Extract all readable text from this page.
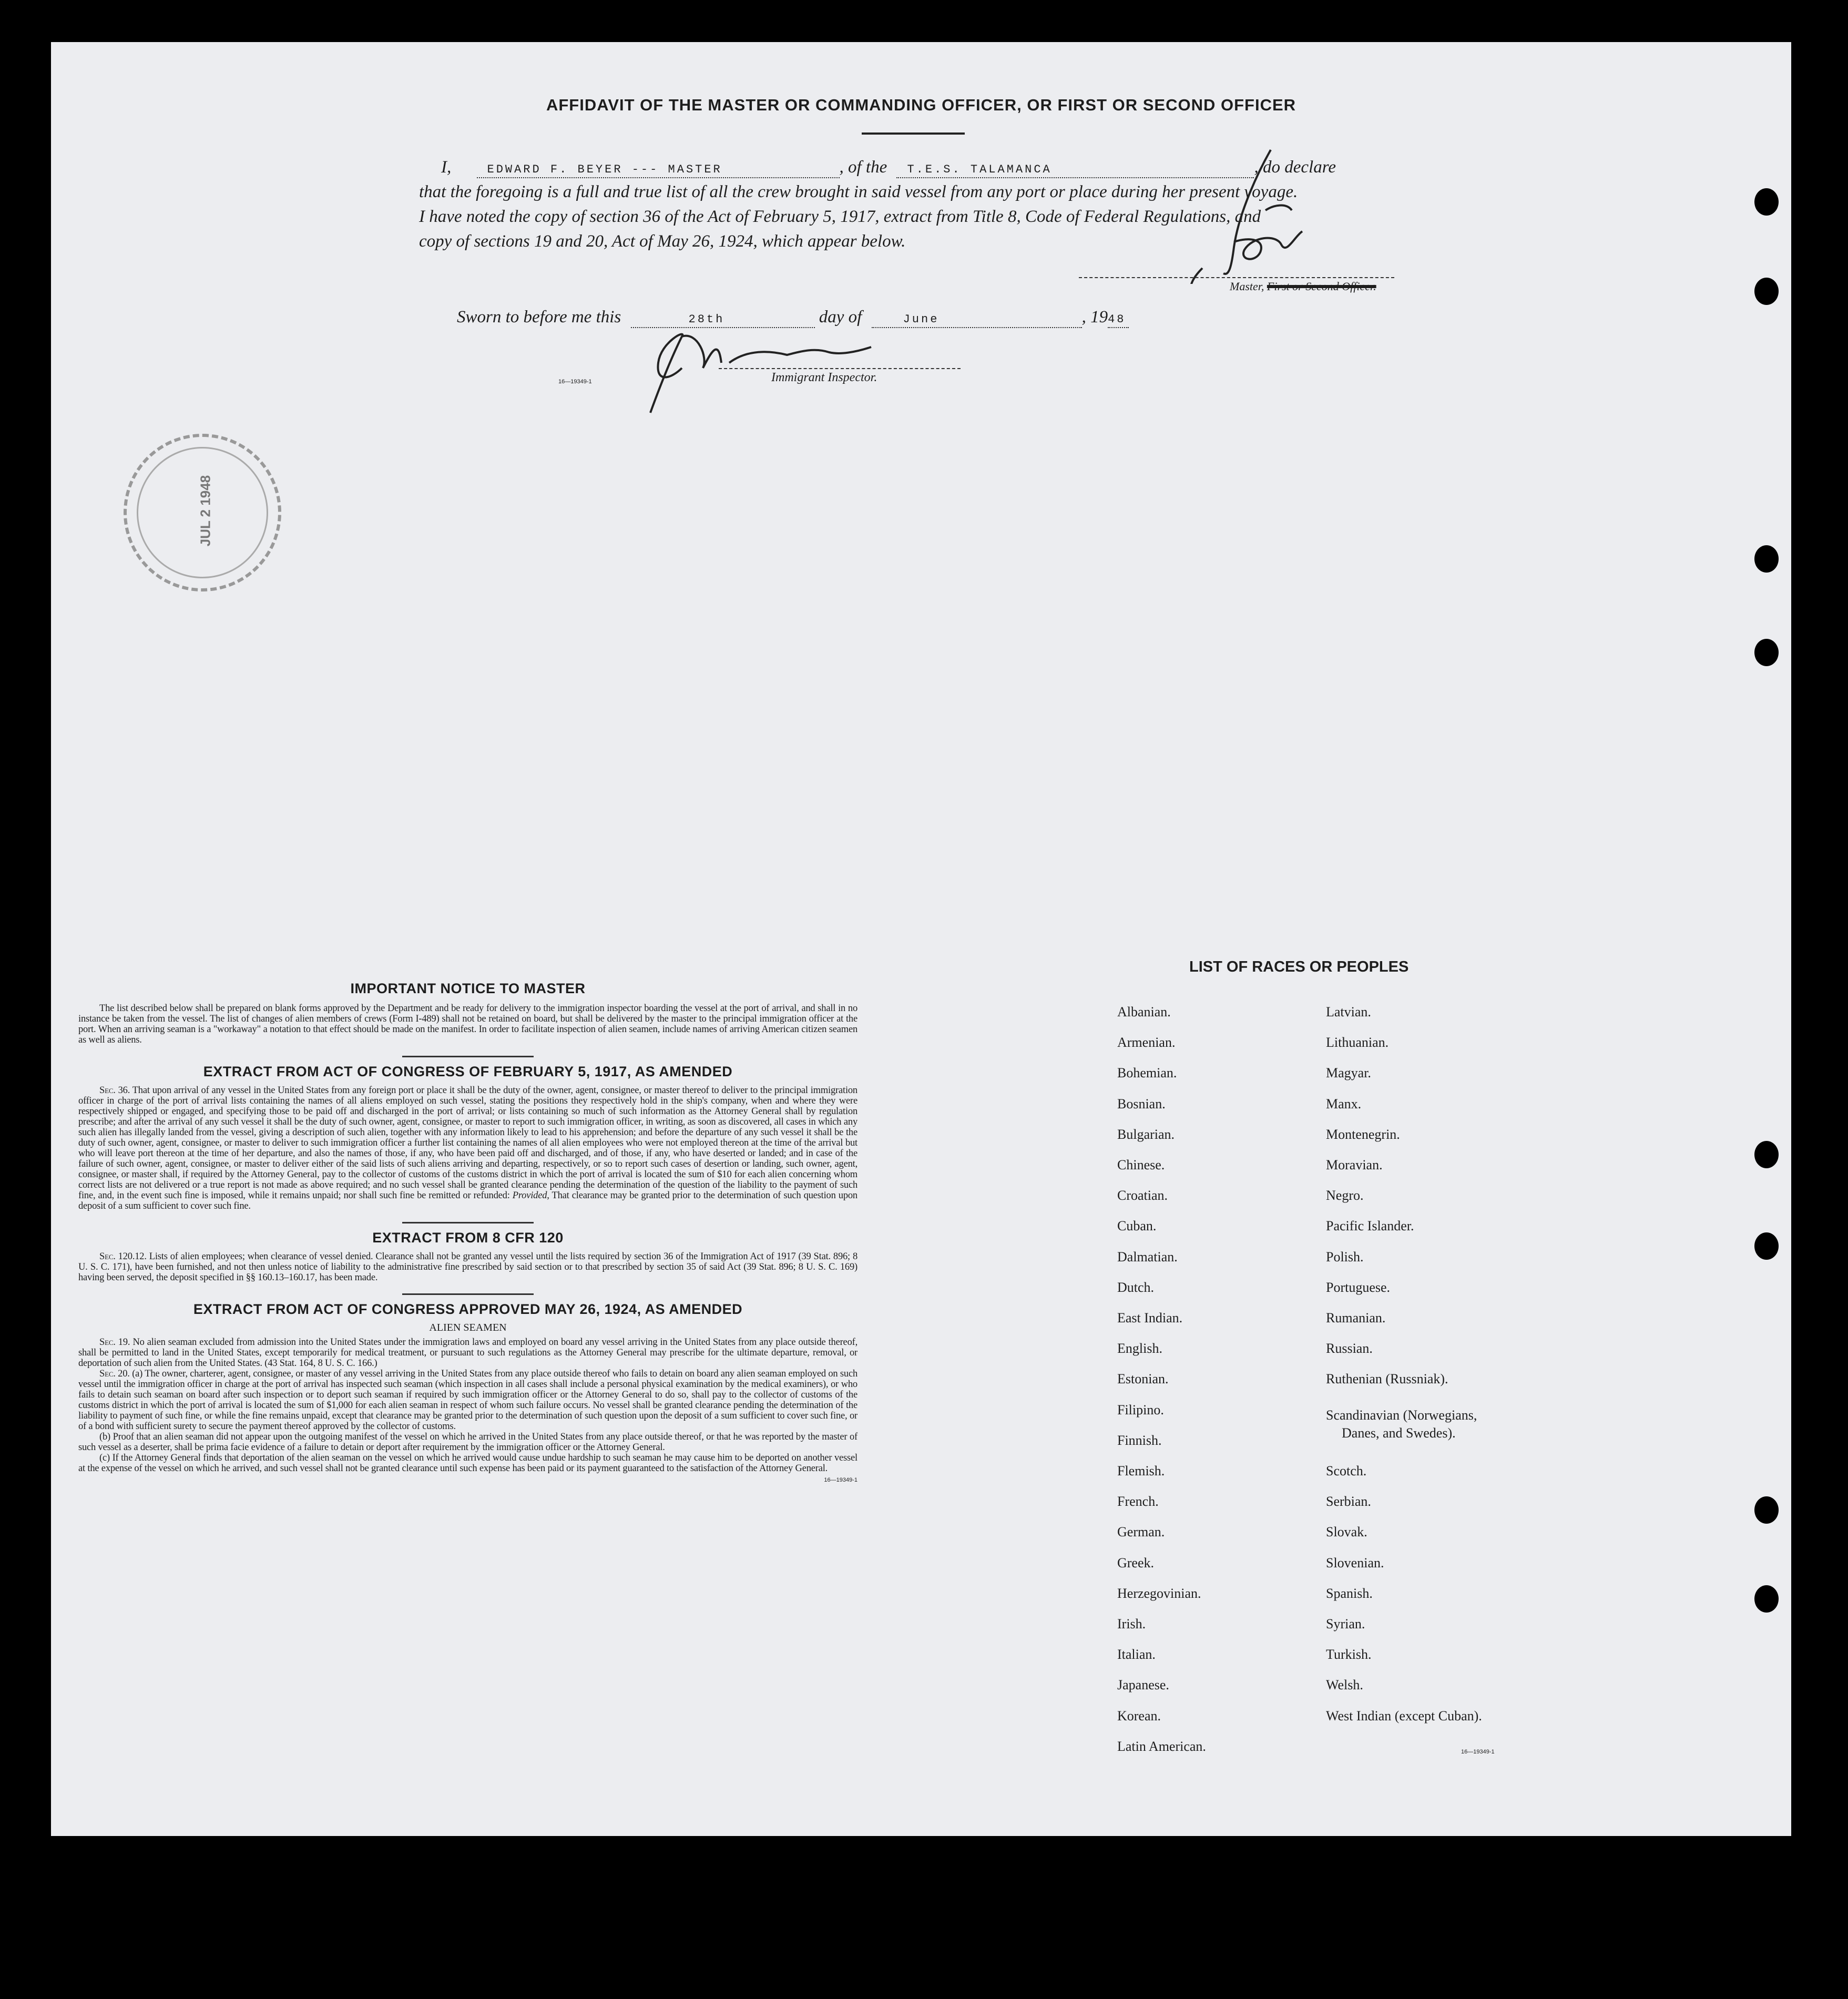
AFFIDAVIT OF THE MASTER OR COMMANDING OFFICER, OR FIRST OR SECOND OFFICER
I,	EDWARD F. BEYER --- MASTER	, of the T.E.S. TALAMANCA	, do declare
that the foregoing is a full and true list of all the crew brought in said vessel from any port or place during her present voyage.
I have noted the copy of section 36 of the Act of February 5, 1917, extract from Title 8, Code of Federal Regulations, and
copy of sections 19 and 20, Act of May 26, 1924, which appear below.
Master, First or Second Officer.
Sworn to before me this	28th	day of	June	, 1948
16—19349-1	Immigrant Inspector.
JUL 2 1948
IMPORTANT NOTICE TO MASTER
The list described below shall be prepared on blank forms approved by the Department and be ready for delivery to the immigration inspector boarding the vessel at the port of arrival, and shall in no instance be taken from the vessel. The list of changes of alien members of crews (Form I-489) shall not be retained on board, but shall be delivered by the master to the principal immigration officer at the port. When an arriving seaman is a "workaway" a notation to that effect should be made on the manifest. In order to facilitate inspection of alien seamen, include names of arriving American citizen seamen as well as aliens.
EXTRACT FROM ACT OF CONGRESS OF FEBRUARY 5, 1917, AS AMENDED
Sec. 36. That upon arrival of any vessel in the United States from any foreign port or place it shall be the duty of the owner, agent, consignee, or master thereof to deliver to the principal immigration officer in charge of the port of arrival lists containing the names of all aliens employed on such vessel, stating the positions they respectively hold in the ship's company, when and where they were respectively shipped or engaged, and specifying those to be paid off and discharged in the port of arrival; or lists containing so much of such information as the Attorney General shall by regulation prescribe; and after the arrival of any such vessel it shall be the duty of such owner, agent, consignee, or master to report to such immigration officer, in writing, as soon as discovered, all cases in which any such alien has illegally landed from the vessel, giving a description of such alien, together with any information likely to lead to his apprehension; and before the departure of any such vessel it shall be the duty of such owner, agent, consignee, or master to deliver to such immigration officer a further list containing the names of all alien employees who were not employed thereon at the time of the arrival but who will leave port thereon at the time of her departure, and also the names of those, if any, who have been paid off and discharged, and of those, if any, who have deserted or landed; and in case of the failure of such owner, agent, consignee, or master to deliver either of the said lists of such aliens arriving and departing, respectively, or so to report such cases of desertion or landing, such owner, agent, consignee, or master shall, if required by the Attorney General, pay to the collector of customs of the customs district in which the port of arrival is located the sum of $10 for each alien concerning whom correct lists are not delivered or a true report is not made as above required; and no such vessel shall be granted clearance pending the determination of the question of the liability to the payment of such fine, and, in the event such fine is imposed, while it remains unpaid; nor shall such fine be remitted or refunded: Provided, That clearance may be granted prior to the determination of such question upon deposit of a sum sufficient to cover such fine.
EXTRACT FROM 8 CFR 120
Sec. 120.12. Lists of alien employees; when clearance of vessel denied. Clearance shall not be granted any vessel until the lists required by section 36 of the Immigration Act of 1917 (39 Stat. 896; 8 U. S. C. 171), have been furnished, and not then unless notice of liability to the administrative fine prescribed by said section or to that prescribed by section 35 of said Act (39 Stat. 896; 8 U. S. C. 169) having been served, the deposit specified in §§ 160.13–160.17, has been made.
EXTRACT FROM ACT OF CONGRESS APPROVED MAY 26, 1924, AS AMENDED
ALIEN SEAMEN
Sec. 19. No alien seaman excluded from admission into the United States under the immigration laws and employed on board any vessel arriving in the United States from any place outside thereof, shall be permitted to land in the United States, except temporarily for medical treatment, or pursuant to such regulations as the Attorney General may prescribe for the ultimate departure, removal, or deportation of such alien from the United States. (43 Stat. 164, 8 U. S. C. 166.)
Sec. 20. (a) The owner, charterer, agent, consignee, or master of any vessel arriving in the United States from any place outside thereof who fails to detain on board any alien seaman employed on such vessel until the immigration officer in charge at the port of arrival has inspected such seaman (which inspection in all cases shall include a personal physical examination by the medical examiners), or who fails to detain such seaman on board after such inspection or to deport such seaman if required by such immigration officer or the Attorney General to do so, shall pay to the collector of customs of the customs district in which the port of arrival is located the sum of $1,000 for each alien seaman in respect of whom such failure occurs. No vessel shall be granted clearance pending the determination of the liability to payment of such fine, or while the fine remains unpaid, except that clearance may be granted prior to the determination of such question upon the deposit of a sum sufficient to cover such fine, or of a bond with sufficient surety to secure the payment thereof approved by the collector of customs.
(b) Proof that an alien seaman did not appear upon the outgoing manifest of the vessel on which he arrived in the United States from any place outside thereof, or that he was reported by the master of such vessel as a deserter, shall be prima facie evidence of a failure to detain or deport after requirement by the immigration officer or the Attorney General.
(c) If the Attorney General finds that deportation of the alien seaman on the vessel on which he arrived would cause undue hardship to such seaman he may cause him to be deported on another vessel at the expense of the vessel on which he arrived, and such vessel shall not be granted clearance until such expense has been paid or its payment guaranteed to the satisfaction of the Attorney General.
16—19349-1
LIST OF RACES OR PEOPLES
Albanian.
Armenian.
Bohemian.
Bosnian.
Bulgarian.
Chinese.
Croatian.
Cuban.
Dalmatian.
Dutch.
East Indian.
English.
Estonian.
Filipino.
Finnish.
Flemish.
French.
German.
Greek.
Herzegovinian.
Irish.
Italian.
Japanese.
Korean.
Latin American.
Latvian.
Lithuanian.
Magyar.
Manx.
Montenegrin.
Moravian.
Negro.
Pacific Islander.
Polish.
Portuguese.
Rumanian.
Russian.
Ruthenian (Russniak).
Scandinavian (Norwegians,
Danes, and Swedes).
Scotch.
Serbian.
Slovak.
Slovenian.
Spanish.
Syrian.
Turkish.
Welsh.
West Indian (except Cuban).
16—19349-1
